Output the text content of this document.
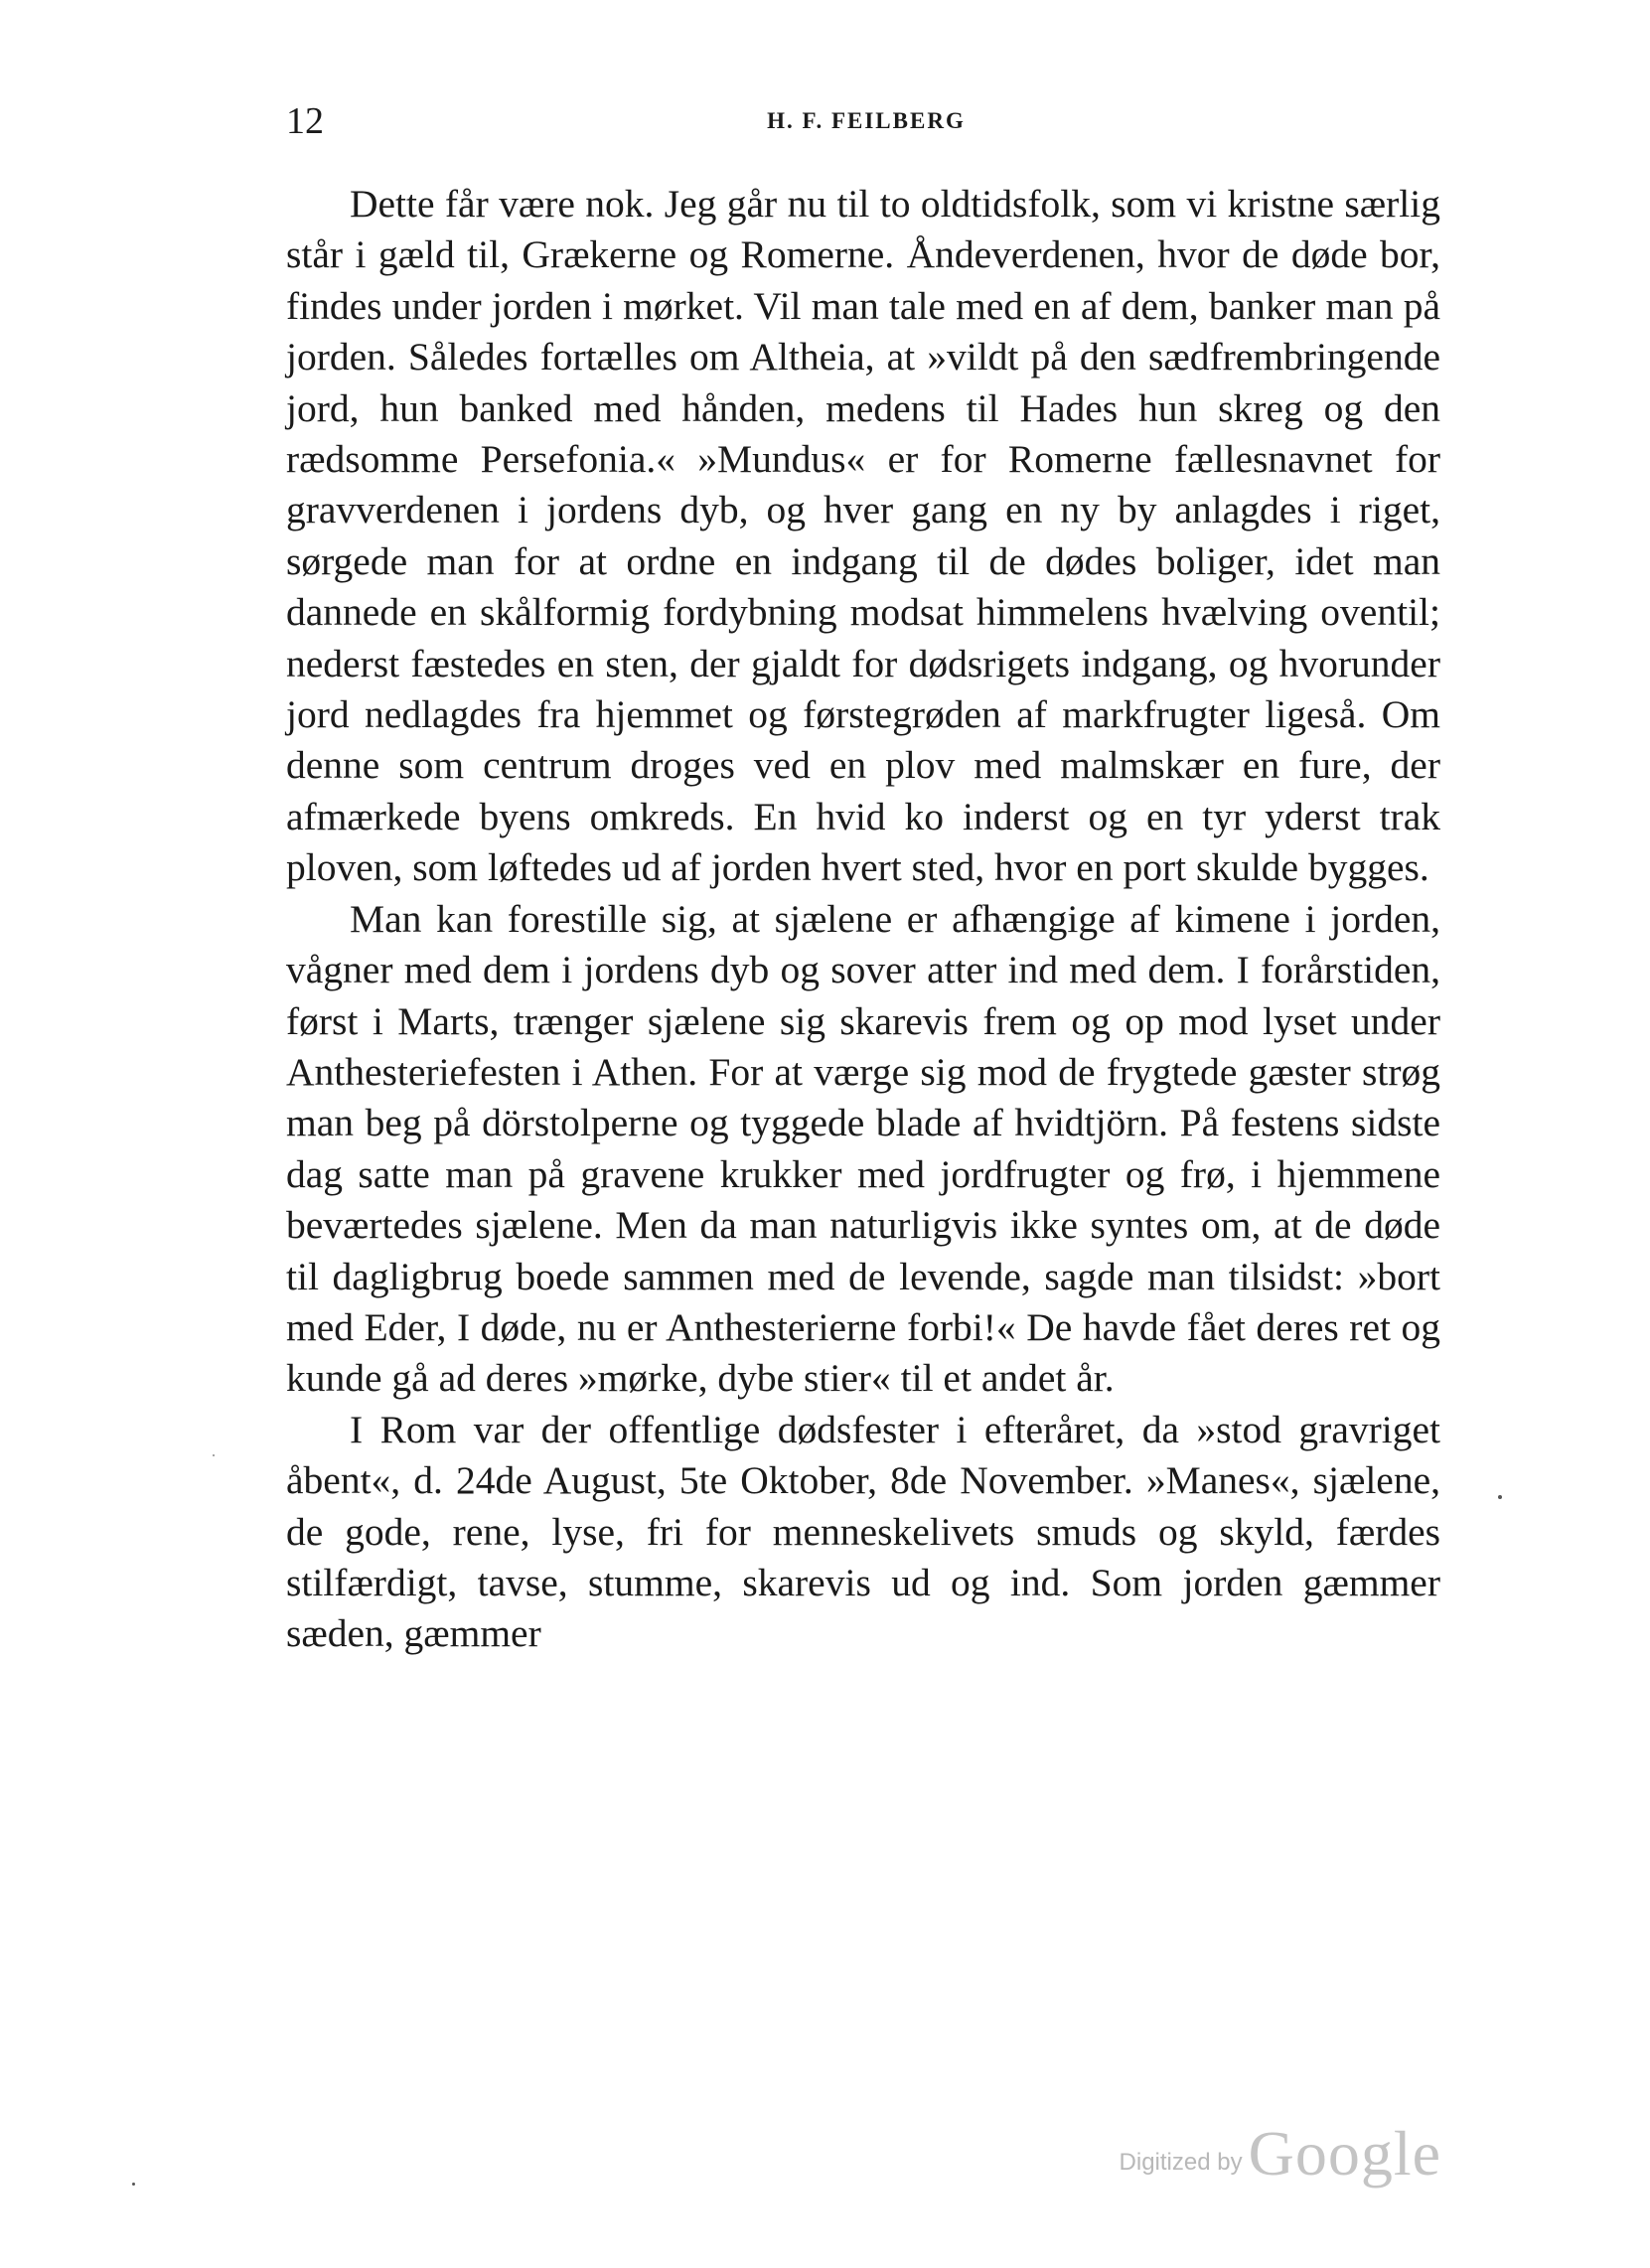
12	H. F. FEILBERG

Dette får være nok. Jeg går nu til to oldtidsfolk, som vi kristne særlig står i gæld til, Grækerne og Romerne. Åndeverdenen, hvor de døde bor, findes under jorden i mørket. Vil man tale med en af dem, banker man på jorden. Således fortælles om Altheia, at »vildt på den sædfrembringende jord, hun banked med hånden, medens til Hades hun skreg og den rædsomme Persefonia.« »Mundus« er for Romerne fællesnavnet for gravverdenen i jordens dyb, og hver gang en ny by anlagdes i riget, sørgede man for at ordne en indgang til de dødes boliger, idet man dannede en skålformig fordybning modsat himmelens hvælving oventil; nederst fæstedes en sten, der gjaldt for dødsrigets indgang, og hvorunder jord nedlagdes fra hjemmet og førstegrøden af markfrugter ligeså. Om denne som centrum droges ved en plov med malmskær en fure, der afmærkede byens omkreds. En hvid ko inderst og en tyr yderst trak ploven, som løftedes ud af jorden hvert sted, hvor en port skulde bygges.

Man kan forestille sig, at sjælene er afhængige af kimene i jorden, vågner med dem i jordens dyb og sover atter ind med dem. I forårstiden, først i Marts, trænger sjælene sig skarevis frem og op mod lyset under Anthesteriefesten i Athen. For at værge sig mod de frygtede gæster strøg man beg på dörstolperne og tyggede blade af hvidtjörn. På festens sidste dag satte man på gravene krukker med jordfrugter og frø, i hjemmene beværtedes sjælene. Men da man naturligvis ikke syntes om, at de døde til dagligbrug boede sammen med de levende, sagde man tilsidst: »bort med Eder, I døde, nu er Anthesterierne forbi!« De havde fået deres ret og kunde gå ad deres »mørke, dybe stier« til et andet år.

I Rom var der offentlige dødsfester i efteråret, da »stod gravriget åbent«, d. 24de August, 5te Oktober, 8de November. »Manes«, sjælene, de gode, rene, lyse, fri for menneskelivets smuds og skyld, færdes stilfærdigt, tavse, stumme, skarevis ud og ind. Som jorden gæmmer sæden, gæmmer

Digitized by Google
